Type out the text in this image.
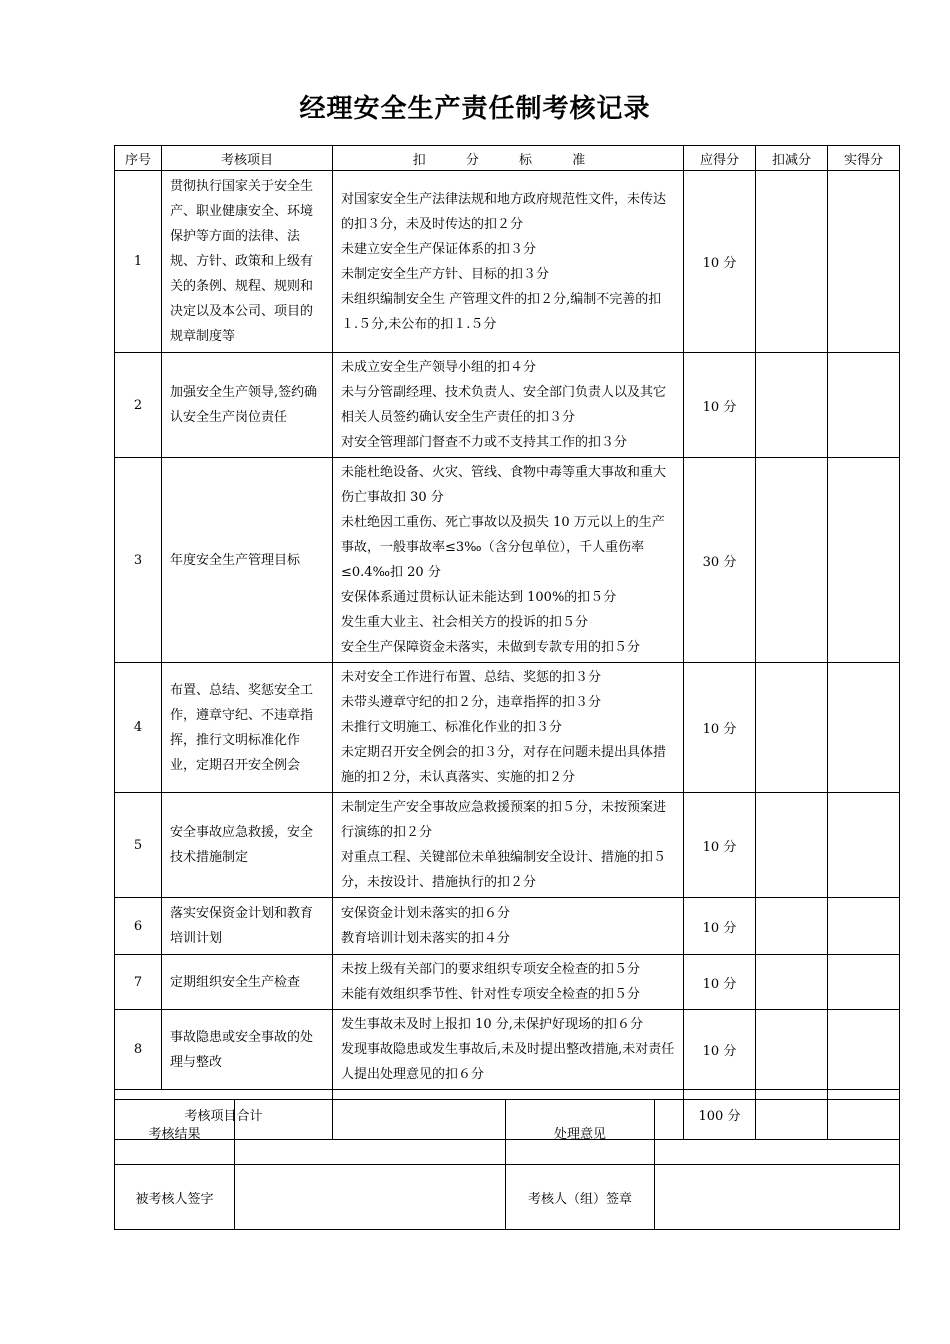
经理安全生产责任制考核记录
序号	考核项目	扣 分 标 准	应得分	扣减分	实得分
1	贯彻执行国家关于安全生产、职业健康安全、环境保护等方面的法律、法规、方针、政策和上级有关的条例、规程、规则和决定以及本公司、项目的规章制度等	对国家安全生产法律法规和地方政府规范性文件，未传达的扣３分，未及时传达的扣２分
未建立安全生产保证体系的扣３分
未制定安全生产方针、目标的扣３分
未组织编制安全生 产管理文件的扣２分,编制不完善的扣１.５分,未公布的扣１.５分	10 分		
2	加强安全生产领导,签约确认安全生产岗位责任	未成立安全生产领导小组的扣４分
未与分管副经理、技术负责人、安全部门负责人以及其它相关人员签约确认安全生产责任的扣３分
对安全管理部门督查不力或不支持其工作的扣３分	10 分		
3	年度安全生产管理目标	未能杜绝设备、火灾、管线、食物中毒等重大事故和重大伤亡事故扣 30 分
未杜绝因工重伤、死亡事故以及损失 10 万元以上的生产事故，一般事故率≤3‰（含分包单位），千人重伤率≤0.4‰扣 20 分
安保体系通过贯标认证未能达到 100%的扣５分
发生重大业主、社会相关方的投诉的扣５分
安全生产保障资金未落实，未做到专款专用的扣５分	30 分		
4	布置、总结、奖惩安全工作，遵章守纪、不违章指挥，推行文明标准化作业，定期召开安全例会	未对安全工作进行布置、总结、奖惩的扣３分
未带头遵章守纪的扣２分，违章指挥的扣３分
未推行文明施工、标准化作业的扣３分
未定期召开安全例会的扣３分，对存在问题未提出具体措施的扣２分，未认真落实、实施的扣２分	10 分		
5	安全事故应急救援，安全技术措施制定	未制定生产安全事故应急救援预案的扣５分，未按预案进行演练的扣２分
对重点工程、关键部位未单独编制安全设计、措施的扣５分，未按设计、措施执行的扣２分	10 分		
6	落实安保资金计划和教育培训计划	安保资金计划未落实的扣６分
教育培训计划未落实的扣４分	10 分		
7	定期组织安全生产检查	未按上级有关部门的要求组织专项安全检查的扣５分
未能有效组织季节性、针对性专项安全检查的扣５分	10 分		
8	事故隐患或安全事故的处理与整改	发生事故未及时上报扣 10 分,未保护好现场的扣６分
发现事故隐患或发生事故后,未及时提出整改措施,未对责任人提出处理意见的扣６分	10 分		
考核项目合计			100 分		
考核结果		处理意见	
被考核人签字		考核人（组）签章	
